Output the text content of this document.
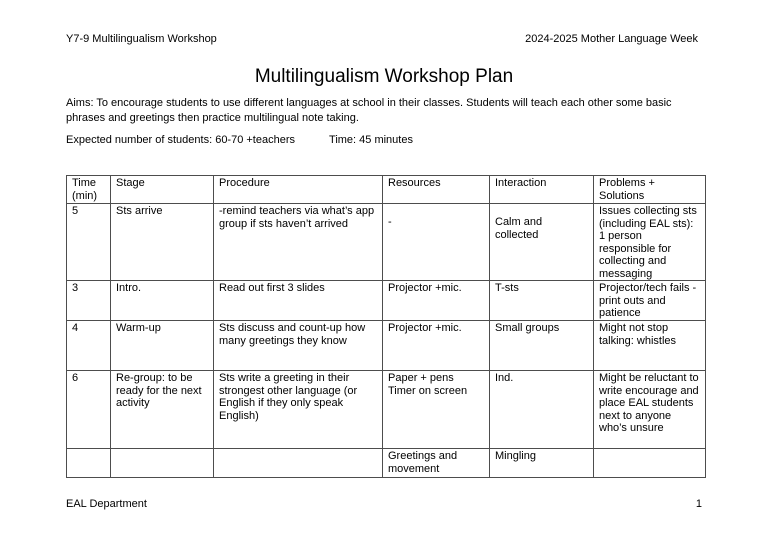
Y7-9 Multilingualism Workshop	2024-2025 Mother Language Week
Multilingualism Workshop Plan
Aims: To encourage students to use different languages at school in their classes. Students will teach each other some basic phrases and greetings then practice multilingual note taking.
Expected number of students: 60-70 +teachers	Time: 45 minutes
Time (min)	Stage	Procedure	Resources	Interaction	Problems + Solutions
5	Sts arrive	-remind teachers via what’s app group if sts haven’t arrived	-	Calm and collected	Issues collecting sts (including EAL sts): 1 person responsible for collecting and messaging
3	Intro.	Read out first 3 slides	Projector +mic.	T-sts	Projector/tech fails -print outs and patience
4	Warm-up	Sts discuss and count-up how many greetings they know	Projector +mic.	Small groups	Might not stop talking: whistles
6	Re-group: to be ready for the next activity	Sts write a greeting in their strongest other language (or English if they only speak English)	Paper + pens Timer on screen	Ind.	Might be reluctant to write encourage and place EAL students next to anyone who’s unsure
			Greetings and movement	Mingling	
EAL Department	1
